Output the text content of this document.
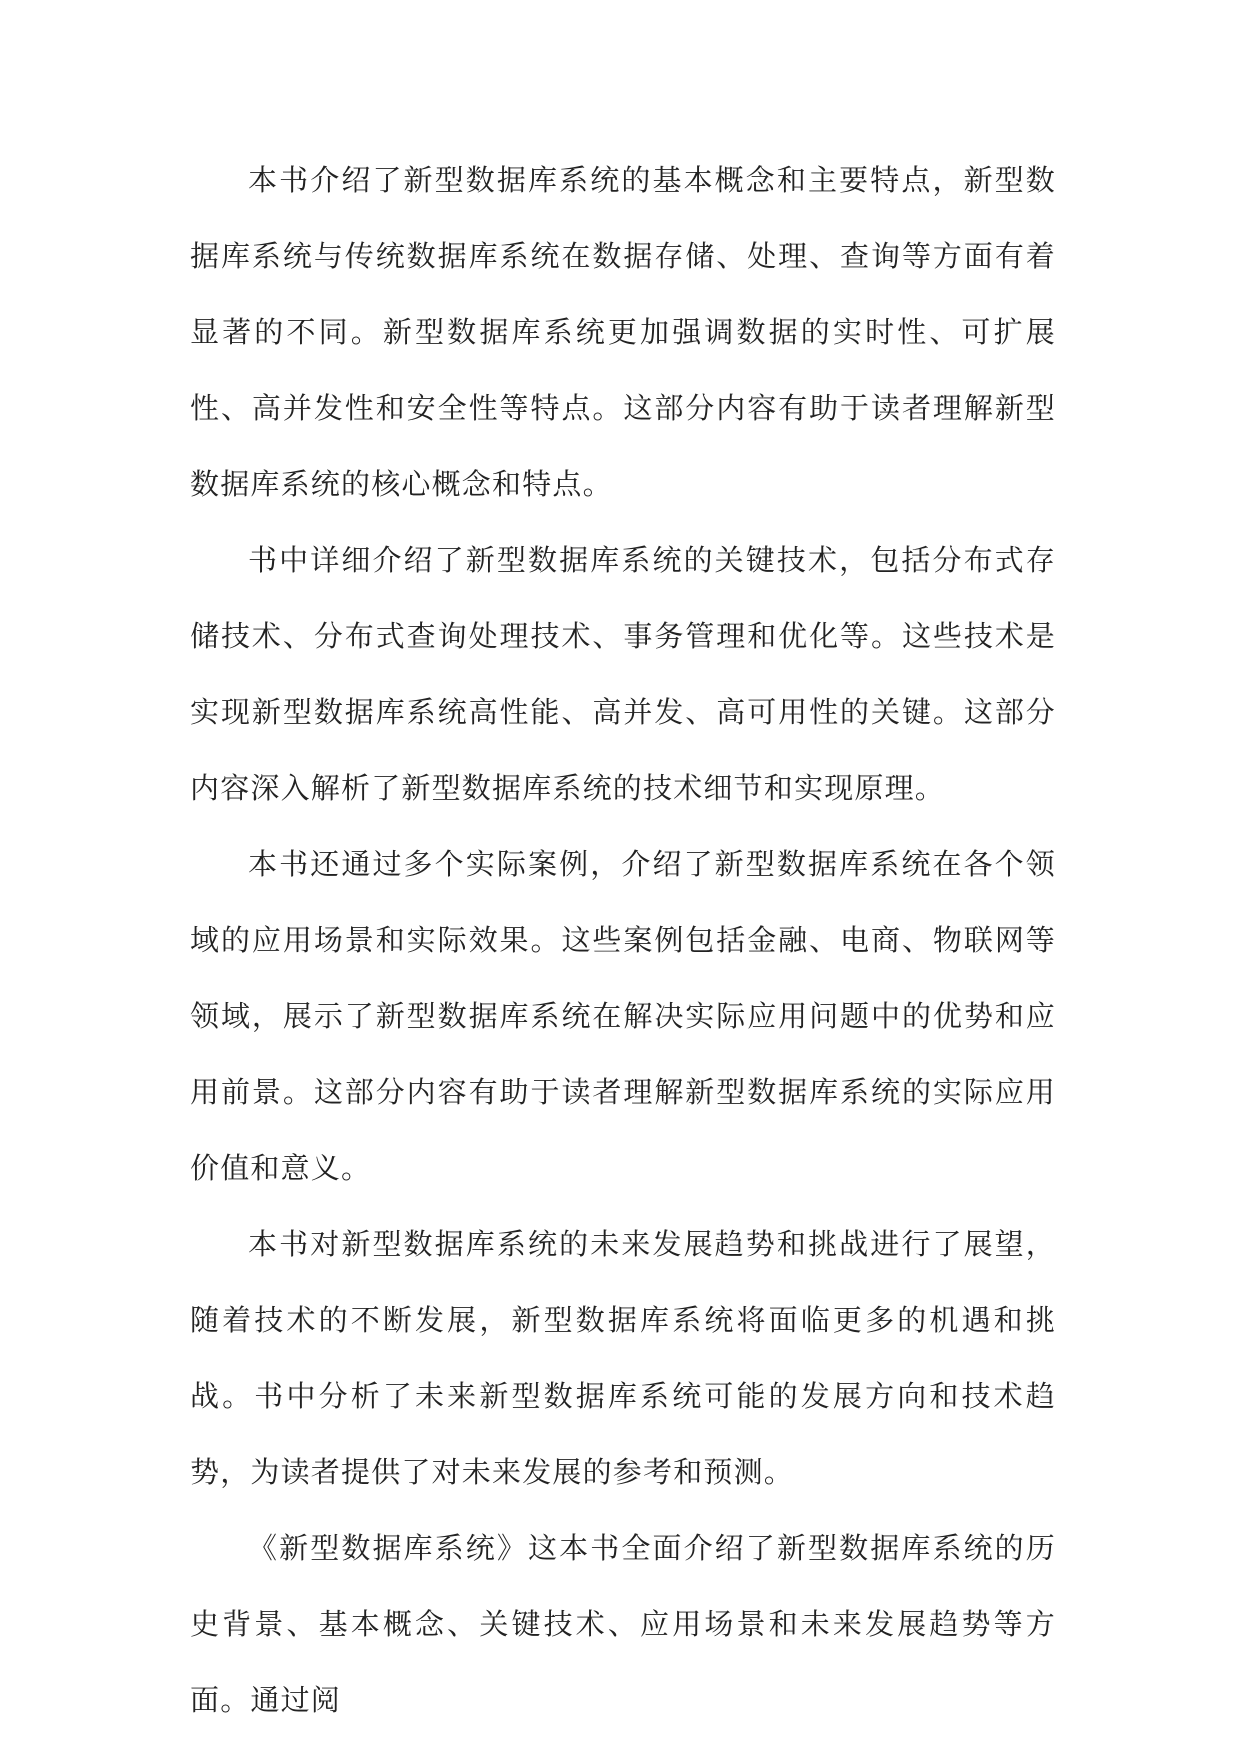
本书介绍了新型数据库系统的基本概念和主要特点，新型数据库系统与传统数据库系统在数据存储、处理、查询等方面有着显著的不同。新型数据库系统更加强调数据的实时性、可扩展性、高并发性和安全性等特点。这部分内容有助于读者理解新型数据库系统的核心概念和特点。

书中详细介绍了新型数据库系统的关键技术，包括分布式存储技术、分布式查询处理技术、事务管理和优化等。这些技术是实现新型数据库系统高性能、高并发、高可用性的关键。这部分内容深入解析了新型数据库系统的技术细节和实现原理。

本书还通过多个实际案例，介绍了新型数据库系统在各个领域的应用场景和实际效果。这些案例包括金融、电商、物联网等领域，展示了新型数据库系统在解决实际应用问题中的优势和应用前景。这部分内容有助于读者理解新型数据库系统的实际应用价值和意义。

本书对新型数据库系统的未来发展趋势和挑战进行了展望，随着技术的不断发展，新型数据库系统将面临更多的机遇和挑战。书中分析了未来新型数据库系统可能的发展方向和技术趋势，为读者提供了对未来发展的参考和预测。

《新型数据库系统》这本书全面介绍了新型数据库系统的历史背景、基本概念、关键技术、应用场景和未来发展趋势等方面。通过阅
